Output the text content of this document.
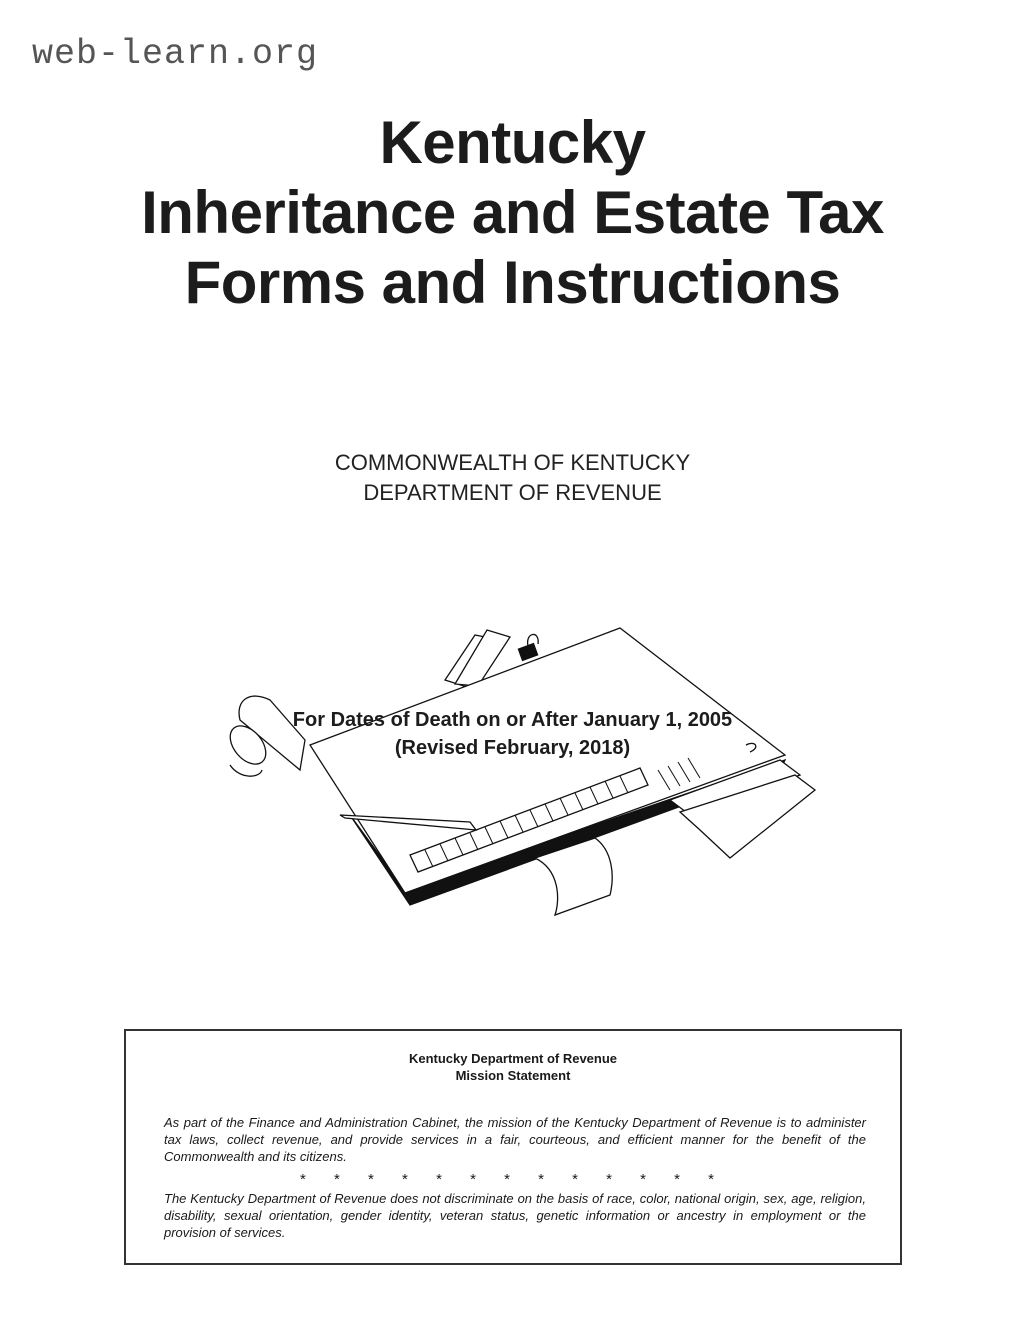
web-learn.org
Kentucky
Inheritance and Estate Tax
Forms and Instructions
COMMONWEALTH OF KENTUCKY
DEPARTMENT OF REVENUE
For Dates of Death on or After January 1, 2005
(Revised February, 2018)
Kentucky Department of Revenue
Mission Statement
As part of the Finance and Administration Cabinet, the mission of the Kentucky Department of Revenue is to administer tax laws, collect revenue, and provide services in a fair, courteous, and efficient manner for the benefit of the Commonwealth and its citizens.
* * * * * * * * * * * * *
The Kentucky Department of Revenue does not discriminate on the basis of race, color, national origin, sex, age, religion, disability, sexual orientation, gender identity, veteran status, genetic information or ancestry in employment or the provision of services.
